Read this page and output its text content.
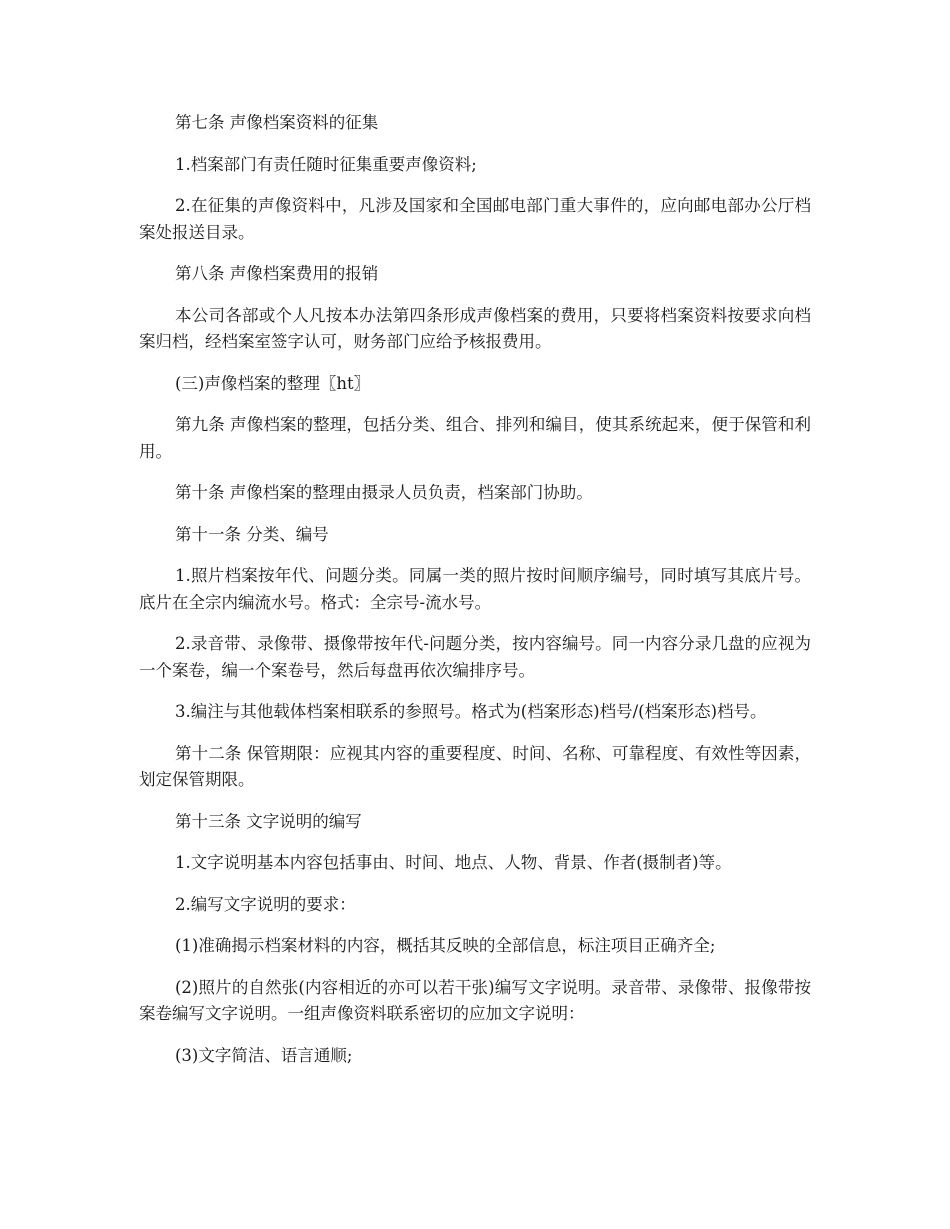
第七条 声像档案资料的征集

1.档案部门有责任随时征集重要声像资料;

2.在征集的声像资料中，凡涉及国家和全国邮电部门重大事件的，应向邮电部办公厅档案处报送目录。

第八条 声像档案费用的报销

本公司各部或个人凡按本办法第四条形成声像档案的费用，只要将档案资料按要求向档案归档，经档案室签字认可，财务部门应给予核报费用。

(三)声像档案的整理〖ht〗

第九条 声像档案的整理，包括分类、组合、排列和编目，使其系统起来，便于保管和利用。

第十条 声像档案的整理由摄录人员负责，档案部门协助。

第十一条 分类、编号

1.照片档案按年代、问题分类。同属一类的照片按时间顺序编号，同时填写其底片号。底片在全宗内编流水号。格式：全宗号-流水号。

2.录音带、录像带、摄像带按年代-问题分类，按内容编号。同一内容分录几盘的应视为一个案卷，编一个案卷号，然后每盘再依次编排序号。

3.编注与其他载体档案相联系的参照号。格式为(档案形态)档号/(档案形态)档号。

第十二条 保管期限：应视其内容的重要程度、时间、名称、可靠程度、有效性等因素，划定保管期限。

第十三条 文字说明的编写

1.文字说明基本内容包括事由、时间、地点、人物、背景、作者(摄制者)等。

2.编写文字说明的要求：

(1)准确揭示档案材料的内容，概括其反映的全部信息，标注项目正确齐全;

(2)照片的自然张(内容相近的亦可以若干张)编写文字说明。录音带、录像带、报像带按案卷编写文字说明。一组声像资料联系密切的应加文字说明：

(3)文字简洁、语言通顺;
